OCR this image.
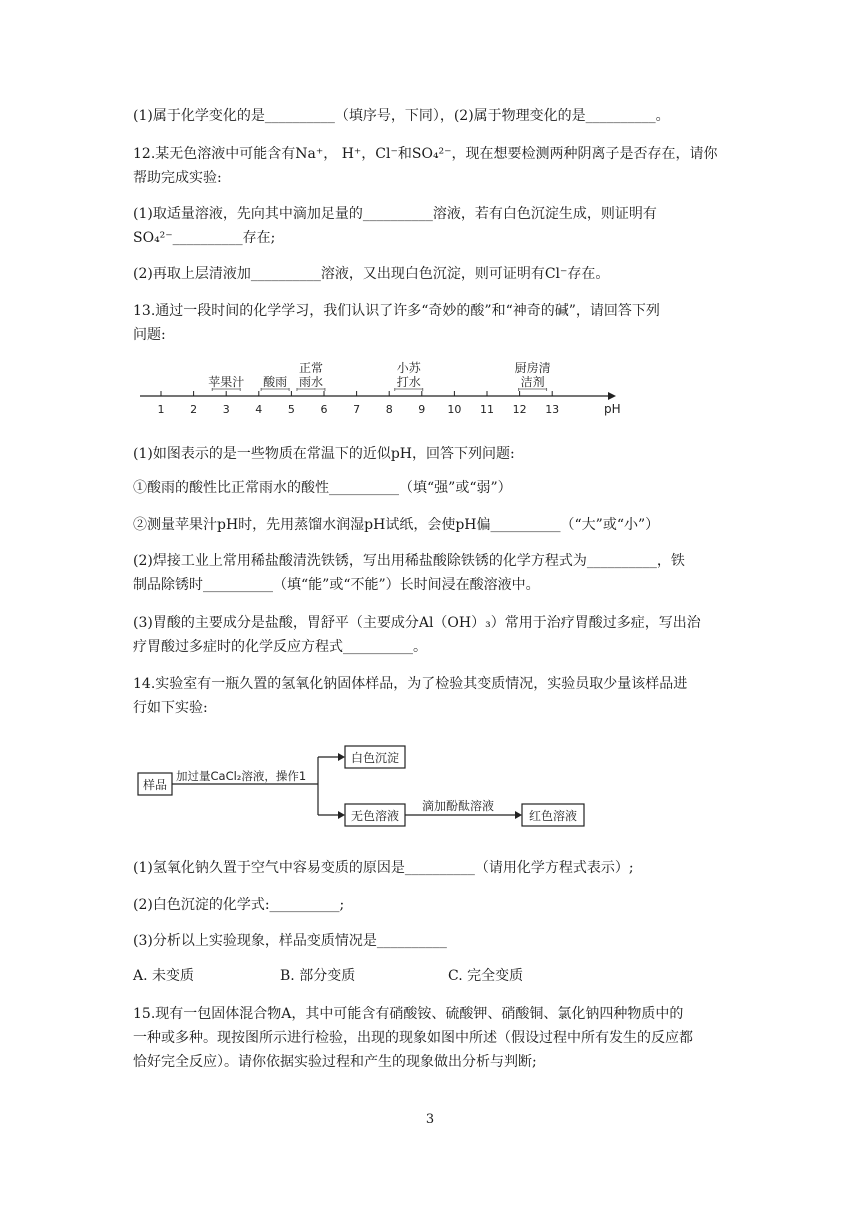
(1)属于化学变化的是__________（填序号，下同），(2)属于物理变化的是__________。
12.某无色溶液中可能含有Na⁺， H⁺，Cl⁻和SO₄²⁻，现在想要检测两种阴离子是否存在，请你
帮助完成实验:
(1)取适量溶液，先向其中滴加足量的__________溶液，若有白色沉淀生成，则证明有
SO₄²⁻__________存在;
(2)再取上层清液加__________溶液，又出现白色沉淀，则可证明有Cl⁻存在。
13.通过一段时间的化学学习，我们认识了许多“奇妙的酸”和“神奇的碱”，请回答下列
问题:
1 2 3 4 5 6 7 8 9 10 11 12 13
苹果汁 酸雨
正常
雨水
小苏
打水
厨房清
洁剂
pH
(1)如图表示的是一些物质在常温下的近似pH，回答下列问题:
①酸雨的酸性比正常雨水的酸性__________（填“强”或“弱”）
②测量苹果汁pH时，先用蒸馏水润湿pH试纸，会使pH偏__________（“大”或“小”）
(2)焊接工业上常用稀盐酸清洗铁锈，写出用稀盐酸除铁锈的化学方程式为__________，铁
制品除锈时__________（填“能”或“不能”）长时间浸在酸溶液中。
(3)胃酸的主要成分是盐酸，胃舒平（主要成分Al（OH）₃）常用于治疗胃酸过多症，写出治
疗胃酸过多症时的化学反应方程式__________。
14.实验室有一瓶久置的氢氧化钠固体样品，为了检验其变质情况，实验员取少量该样品进
行如下实验:
样品
加过量CaCl₂溶液，操作1
白色沉淀
无色溶液
滴加酚酞溶液
红色溶液
(1)氢氧化钠久置于空气中容易变质的原因是__________（请用化学方程式表示）;
(2)白色沉淀的化学式:__________;
(3)分析以上实验现象，样品变质情况是__________
A. 未变质	B. 部分变质	C. 完全变质
15.现有一包固体混合物A，其中可能含有硝酸铵、硫酸钾、硝酸铜、氯化钠四种物质中的
一种或多种。现按图所示进行检验，出现的现象如图中所述（假设过程中所有发生的反应都
恰好完全反应）。请你依据实验过程和产生的现象做出分析与判断;
3
